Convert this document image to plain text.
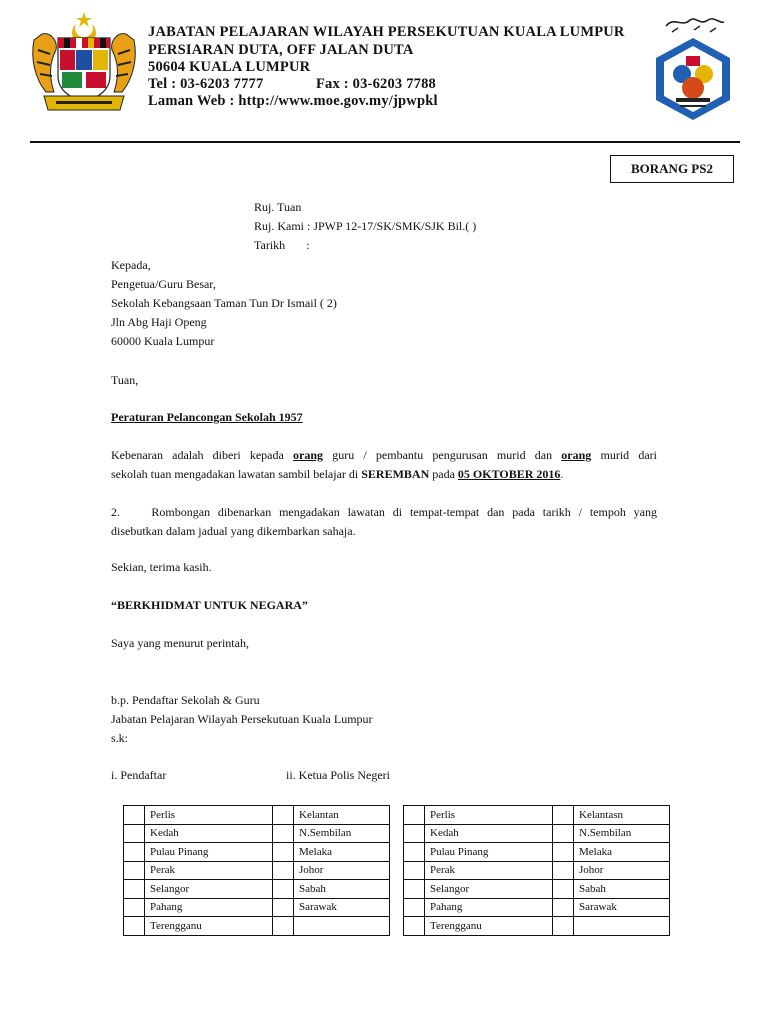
JABATAN PELAJARAN WILAYAH PERSEKUTUAN KUALA LUMPUR
PERSIARAN DUTA, OFF JALAN DUTA
50604 KUALA LUMPUR
Tel : 03-6203 7777	Fax : 03-6203 7788
Laman Web : http://www.moe.gov.my/jpwpkl
BORANG PS2
Ruj. Tuan
Ruj. Kami : JPWP 12-17/SK/SMK/SJK Bil.( )
Tarikh       :
Kepada,
Pengetua/Guru Besar,
Sekolah Kebangsaan Taman Tun Dr Ismail ( 2)
Jln Abg Haji Openg
60000 Kuala Lumpur
Tuan,
Peraturan Pelancongan Sekolah 1957
Kebenaran adalah diberi kepada orang guru / pembantu pengurusan murid dan orang murid dari
sekolah tuan mengadakan lawatan sambil belajar di SEREMBAN pada 05 OKTOBER 2016.
2.    Rombongan dibenarkan mengadakan lawatan di tempat-tempat dan pada tarikh / tempoh yang
disebutkan dalam jadual yang dikembarkan sahaja.
Sekian, terima kasih.
“BERKHIDMAT UNTUK NEGARA”
Saya yang menurut perintah,
b.p. Pendaftar Sekolah & Guru
Jabatan Pelajaran Wilayah Persekutuan Kuala Lumpur
s.k:
i. Pendaftar	ii. Ketua Polis Negeri
	Perlis		Kelantan
	Kedah		N.Sembilan
	Pulau Pinang		Melaka
	Perak		Johor
	Selangor		Sabah
	Pahang		Sarawak
	Terengganu		
	Perlis		Kelantasn
	Kedah		N.Sembilan
	Pulau Pinang		Melaka
	Perak		Johor
	Selangor		Sabah
	Pahang		Sarawak
	Terengganu		
